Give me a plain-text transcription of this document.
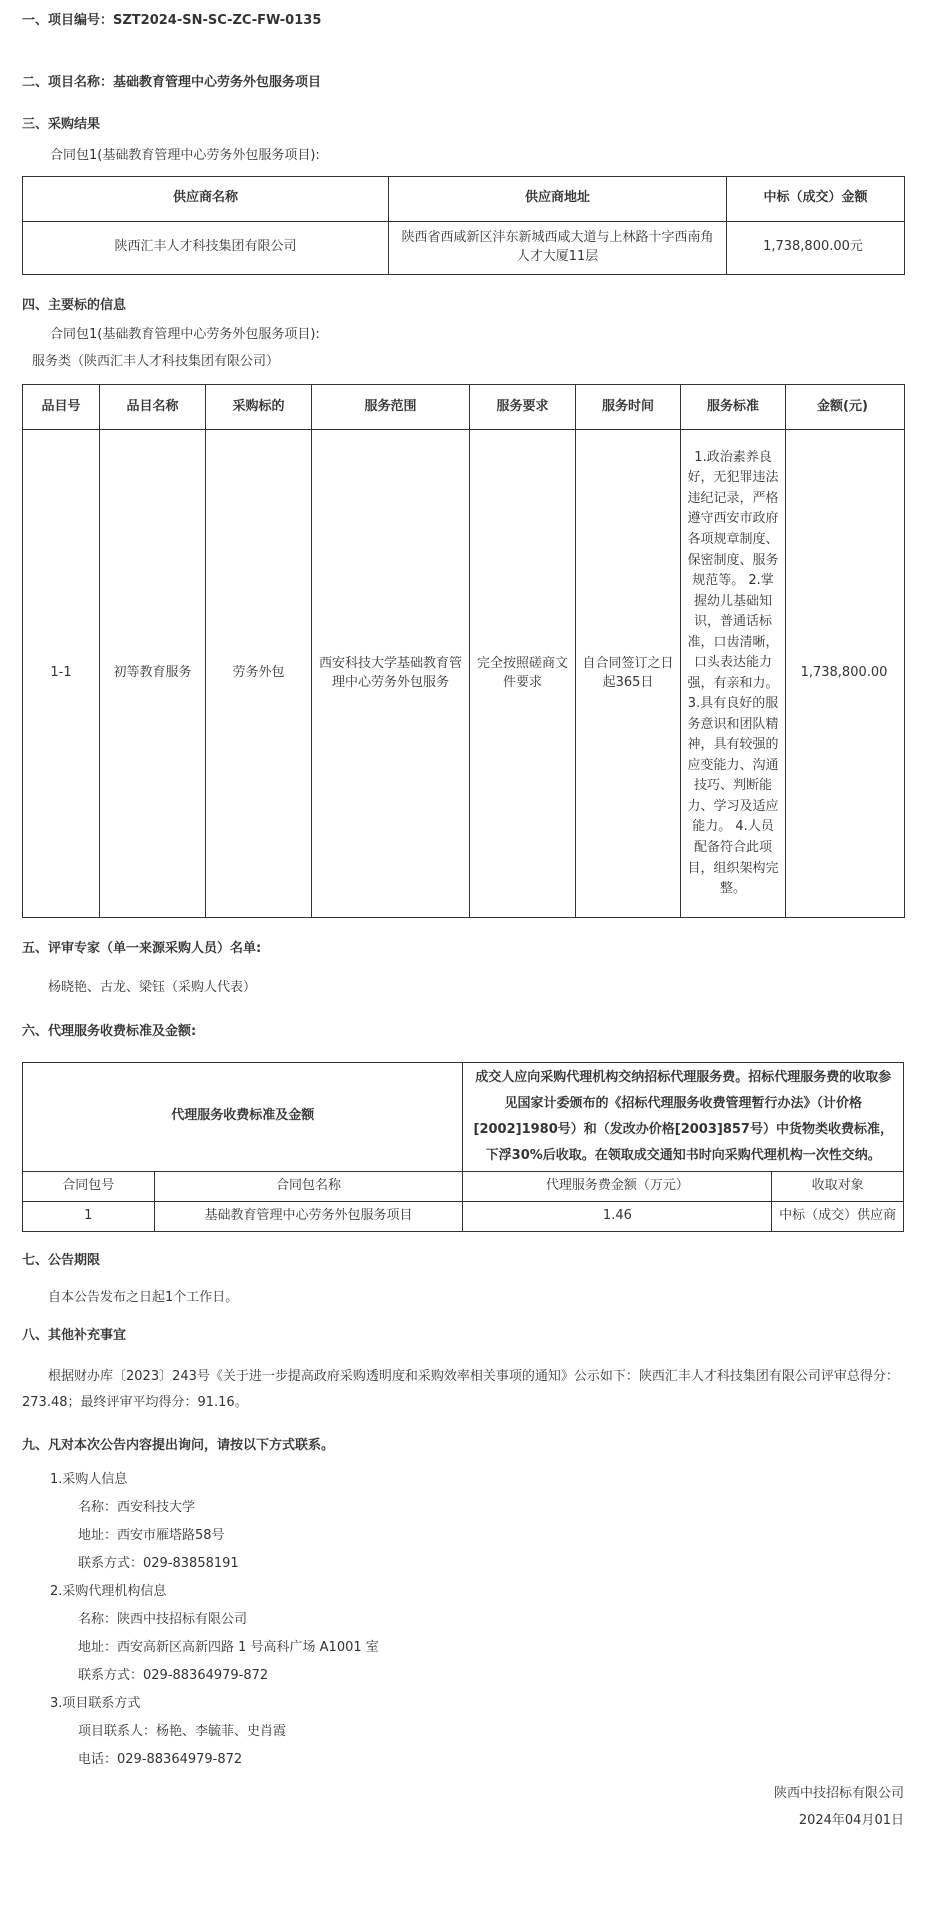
一、项目编号：SZT2024-SN-SC-ZC-FW-0135

二、项目名称：基础教育管理中心劳务外包服务项目

三、采购结果

合同包1(基础教育管理中心劳务外包服务项目):

供应商名称	供应商地址	中标（成交）金额
陕西汇丰人才科技集团有限公司	陕西省西咸新区沣东新城西咸大道与上林路十字西南角人才大厦11层	1,738,800.00元

四、主要标的信息

合同包1(基础教育管理中心劳务外包服务项目):

服务类（陕西汇丰人才科技集团有限公司）

品目号	品目名称	采购标的	服务范围	服务要求	服务时间	服务标准	金额(元)
1-1	初等教育服务	劳务外包	西安科技大学基础教育管理中心劳务外包服务	完全按照磋商文件要求	自合同签订之日起365日	1.政治素养良好，无犯罪违法违纪记录，严格遵守西安市政府各项规章制度、保密制度、服务规范等。 2.掌握幼儿基础知识，普通话标准，口齿清晰，口头表达能力强，有亲和力。 3.具有良好的服务意识和团队精神，具有较强的应变能力、沟通技巧、判断能力、学习及适应能力。 4.人员配备符合此项目，组织架构完整。	1,738,800.00

五、评审专家（单一来源采购人员）名单:

杨晓艳、古龙、梁钰（采购人代表）

六、代理服务收费标准及金额:

代理服务收费标准及金额		成交人应向采购代理机构交纳招标代理服务费。招标代理服务费的收取参见国家计委颁布的《招标代理服务收费管理暂行办法》（计价格[2002]1980号）和（发改办价格[2003]857号）中货物类收费标准，下浮30%后收取。在领取成交通知书时向采购代理机构一次性交纳。	
合同包号	合同包名称	代理服务费金额（万元）	收取对象
1	基础教育管理中心劳务外包服务项目	1.46	中标（成交）供应商

七、公告期限

自本公告发布之日起1个工作日。

八、其他补充事宜

根据财办库〔2023〕243号《关于进一步提高政府采购透明度和采购效率相关事项的通知》公示如下：陕西汇丰人才科技集团有限公司评审总得分：273.48；最终评审平均得分：91.16。

九、凡对本次公告内容提出询问，请按以下方式联系。

1.采购人信息

名称：西安科技大学

地址：西安市雁塔路58号

联系方式：029-83858191

2.采购代理机构信息

名称：陕西中技招标有限公司

地址：西安高新区高新四路 1 号高科广场 A1001 室

联系方式：029-88364979-872

3.项目联系方式

项目联系人：杨艳、李毓菲、史肖霞

电话：029-88364979-872

陕西中技招标有限公司

2024年04月01日
